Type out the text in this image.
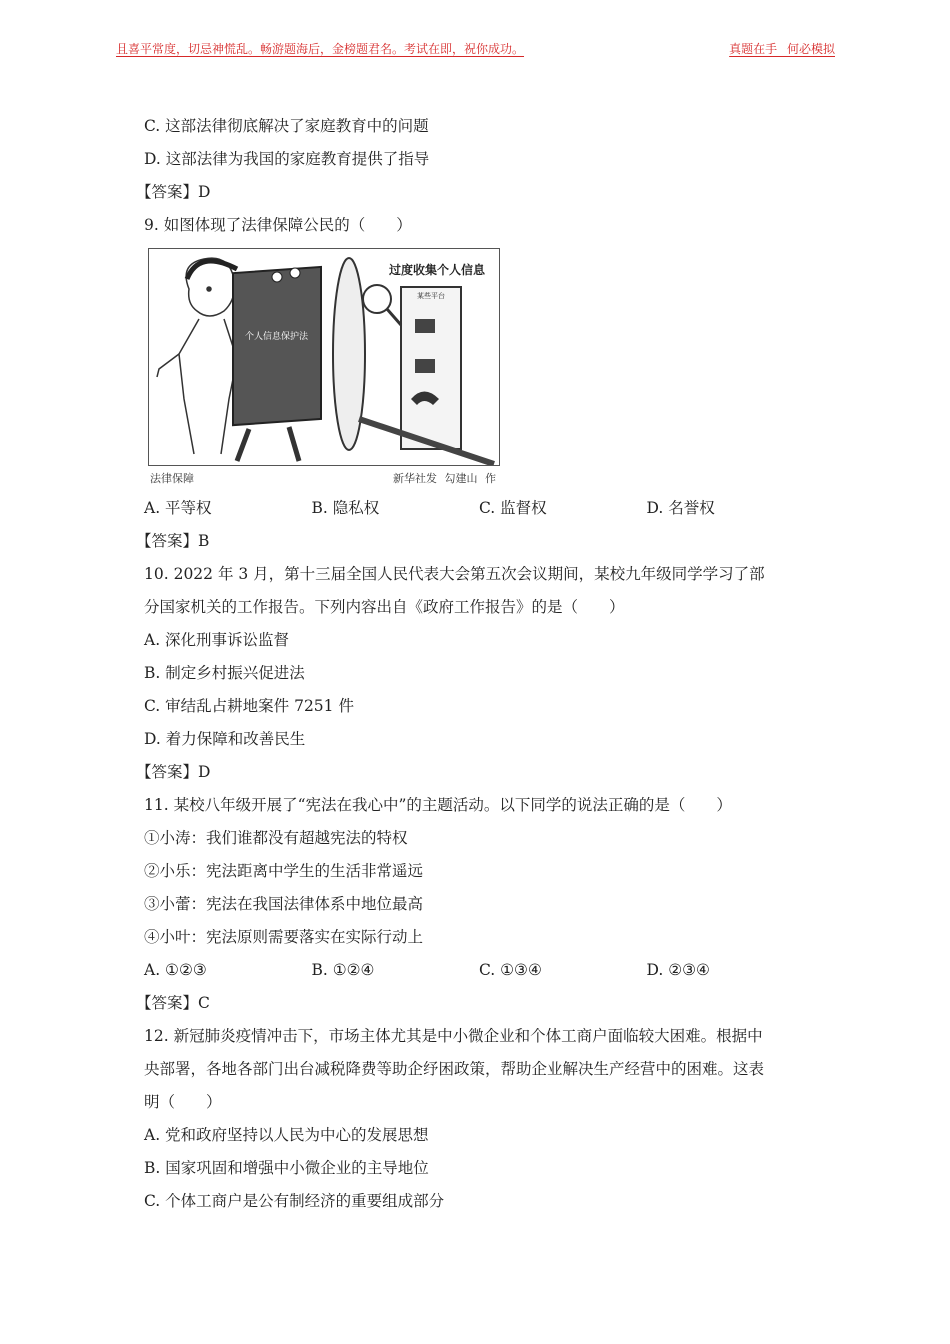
且喜平常度，切忌神慌乱。畅游题海后，金榜题君名。考试在即，祝你成功。	真题在手 何必模拟
C. 这部法律彻底解决了家庭教育中的问题
D. 这部法律为我国的家庭教育提供了指导
【答案】D
9. 如图体现了法律保障公民的（　　）
过度收集个人信息
个人信息保护法
某些平台
法律保障	新华社发 勾建山 作
A. 平等权	B. 隐私权	C. 监督权	D. 名誉权
【答案】B
10. 2022 年 3 月，第十三届全国人民代表大会第五次会议期间，某校九年级同学学习了部
分国家机关的工作报告。下列内容出自《政府工作报告》的是（　　）
A. 深化刑事诉讼监督
B. 制定乡村振兴促进法
C. 审结乱占耕地案件 7251 件
D. 着力保障和改善民生
【答案】D
11. 某校八年级开展了“宪法在我心中”的主题活动。以下同学的说法正确的是（　　）
①小涛：我们谁都没有超越宪法的特权
②小乐：宪法距离中学生的生活非常遥远
③小蕾：宪法在我国法律体系中地位最高
④小叶：宪法原则需要落实在实际行动上
A. ①②③	B. ①②④	C. ①③④	D. ②③④
【答案】C
12. 新冠肺炎疫情冲击下，市场主体尤其是中小微企业和个体工商户面临较大困难。根据中
央部署，各地各部门出台减税降费等助企纾困政策，帮助企业解决生产经营中的困难。这表
明（　　）
A. 党和政府坚持以人民为中心的发展思想
B. 国家巩固和增强中小微企业的主导地位
C. 个体工商户是公有制经济的重要组成部分
